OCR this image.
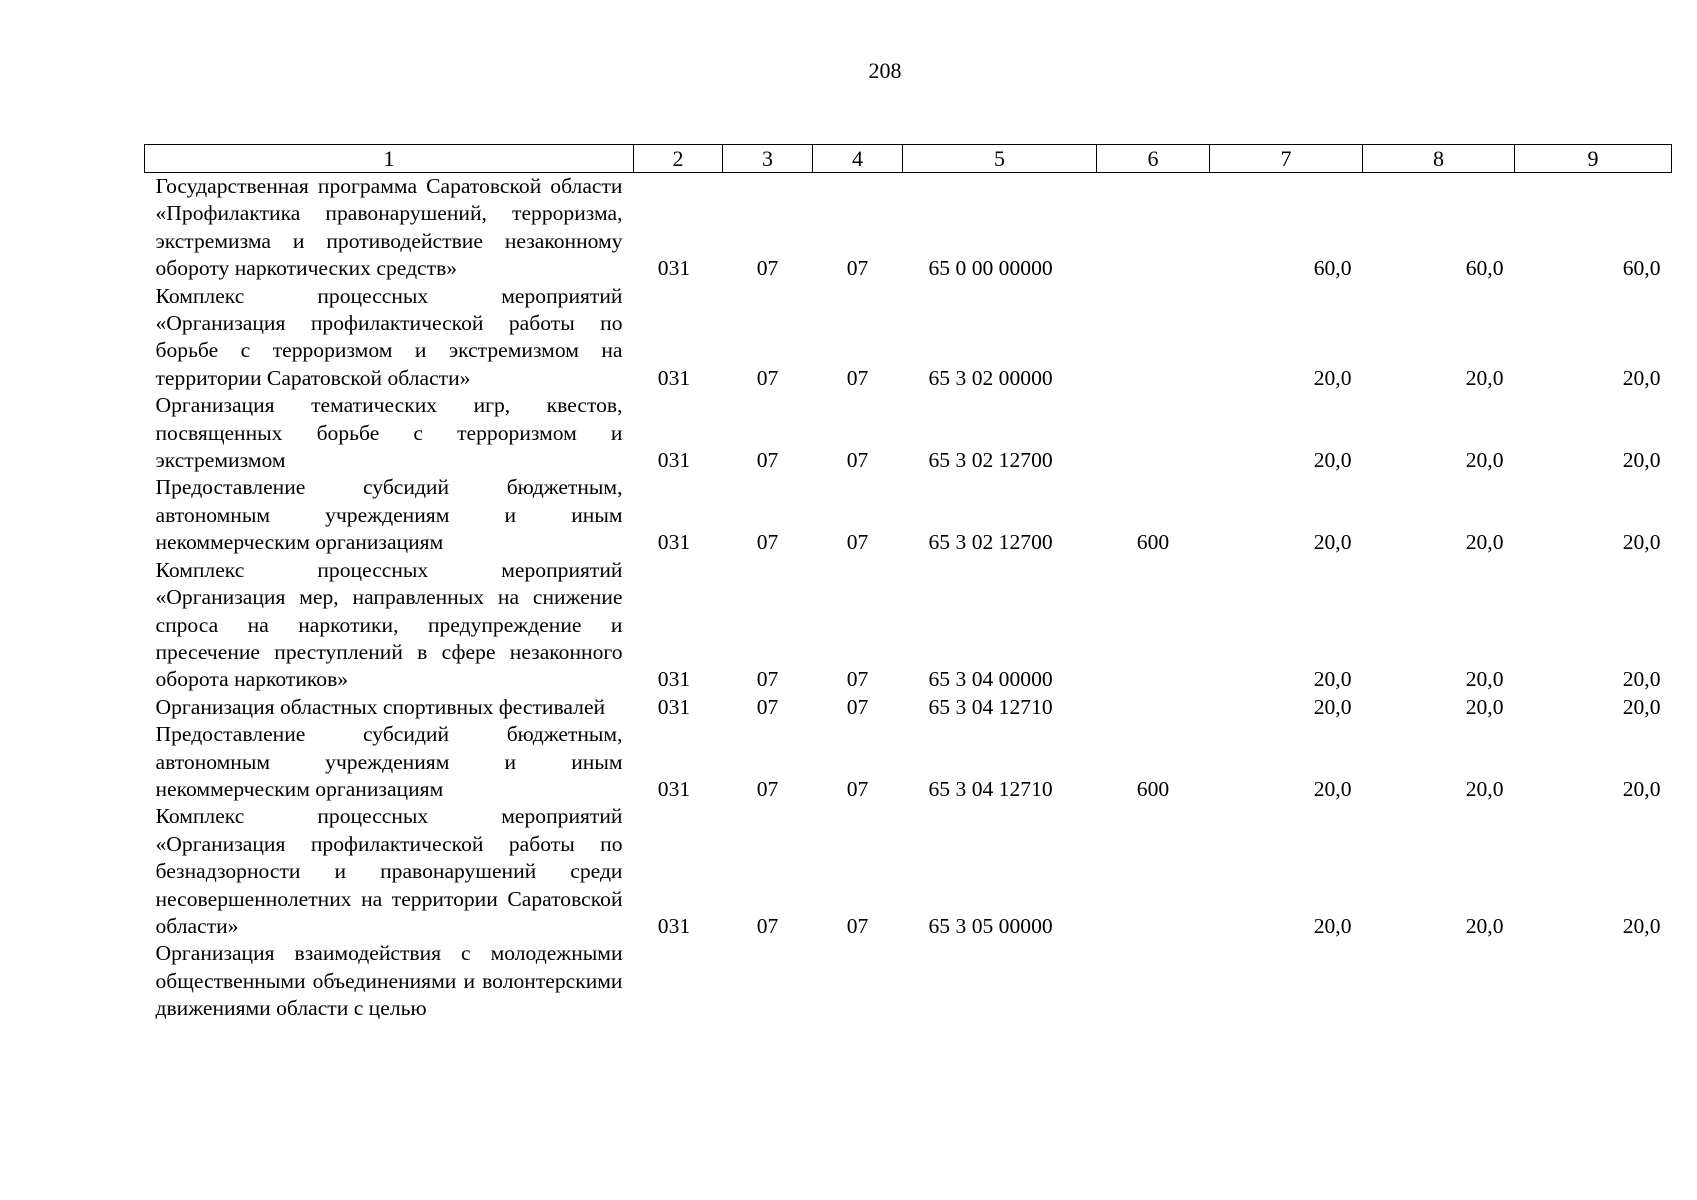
208
1	2	3	4	5	6	7	8	9

Государственная программа Саратовской области «Профилактика правонарушений, терроризма, экстремизма и противодействие незаконному обороту наркотических средств»	031	07	07	65 0 00 00000		60,0	60,0	60,0

Комплекс процессных мероприятий «Организация профилактической работы по борьбе с терроризмом и экстремизмом на территории Саратовской области»	031	07	07	65 3 02 00000		20,0	20,0	20,0

Организация тематических игр, квестов, посвященных борьбе с терроризмом и экстремизмом	031	07	07	65 3 02 12700		20,0	20,0	20,0

Предоставление субсидий бюджетным, автономным учреждениям и иным некоммерческим организациям	031	07	07	65 3 02 12700	600	20,0	20,0	20,0

Комплекс процессных мероприятий «Организация мер, направленных на снижение спроса на наркотики, предупреждение и пресечение преступлений в сфере незаконного оборота наркотиков»	031	07	07	65 3 04 00000		20,0	20,0	20,0

Организация областных спортивных фестивалей	031	07	07	65 3 04 12710		20,0	20,0	20,0

Предоставление субсидий бюджетным, автономным учреждениям и иным некоммерческим организациям	031	07	07	65 3 04 12710	600	20,0	20,0	20,0

Комплекс процессных мероприятий «Организация профилактической работы по безнадзорности и правонарушений среди несовершеннолетних на территории Саратовской области»	031	07	07	65 3 05 00000		20,0	20,0	20,0

Организация взаимодействия с молодежными общественными объединениями и волонтерскими движениями области с целью								
